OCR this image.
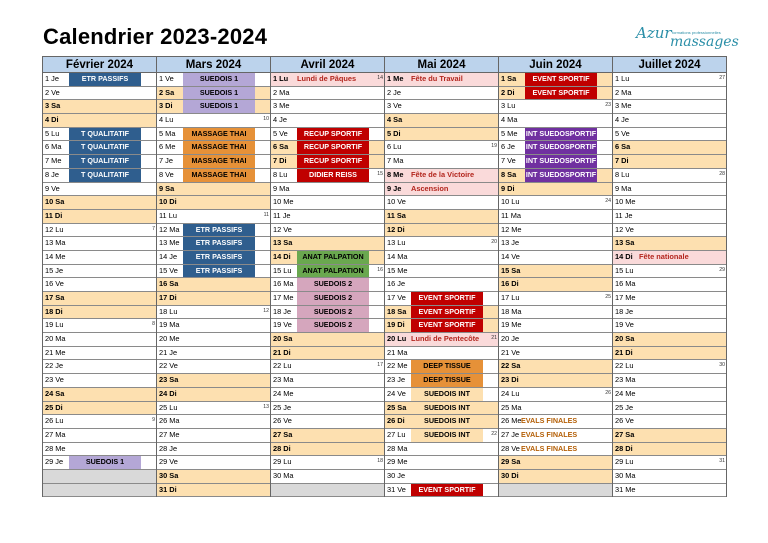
Calendrier 2023-2024	Azur formations professionnelles
massages
Février 2024
1 Je	ETR PASSIFS
2 Ve
3 Sa
4 Di
5 Lu	T QUALITATIF
6 Ma	T QUALITATIF
7 Me	T QUALITATIF
8 Je	T QUALITATIF
9 Ve
10 Sa
11 Di
12 Lu	7
13 Ma
14 Me
15 Je
16 Ve
17 Sa
18 Di
19 Lu	8
20 Ma
21 Me
22 Je
23 Ve
24 Sa
25 Di
26 Lu	9
27 Ma
28 Me
29 Je	SUEDOIS 1
Mars 2024
1 Ve	SUEDOIS 1
2 Sa	SUEDOIS 1
3 Di	SUEDOIS 1
4 Lu	10
5 Ma	MASSAGE THAI
6 Me	MASSAGE THAI
7 Je	MASSAGE THAI
8 Ve	MASSAGE THAI
9 Sa
10 Di
11 Lu	11
12 Ma	ETR PASSIFS
13 Me	ETR PASSIFS
14 Je	ETR PASSIFS
15 Ve	ETR PASSIFS
16 Sa
17 Di
18 Lu	12
19 Ma
20 Me
21 Je
22 Ve
23 Sa
24 Di
25 Lu	13
26 Ma
27 Me
28 Je
29 Ve
30 Sa
31 Di
Avril 2024
1 Lu Lundi de Pâques	14
2 Ma
3 Me
4 Je
5 Ve	RECUP SPORTIF
6 Sa	RECUP SPORTIF
7 Di	RECUP SPORTIF
8 Lu	DIDIER REISS	15
9 Ma
10 Me
11 Je
12 Ve
13 Sa
14 Di	ANAT PALPATION
15 Lu	ANAT PALPATION	16
16 Ma	SUEDOIS 2
17 Me	SUEDOIS 2
18 Je	SUEDOIS 2
19 Ve	SUEDOIS 2
20 Sa
21 Di
22 Lu	17
23 Ma
24 Me
25 Je
26 Ve
27 Sa
28 Di
29 Lu	18
30 Ma
Mai 2024
1 Me Fête du Travail
2 Je
3 Ve
4 Sa
5 Di
6 Lu	19
7 Ma
8 Me Fête de la Victoire
9 Je Ascension
10 Ve
11 Sa
12 Di
13 Lu	20
14 Ma
15 Me
16 Je
17 Ve	EVENT SPORTIF
18 Sa	EVENT SPORTIF
19 Di	EVENT SPORTIF
20 Lu Lundi de Pentecôte 21
21 Ma
22 Me	DEEP TISSUE
23 Je	DEEP TISSUE
24 Ve	SUEDOIS INT
25 Sa	SUEDOIS INT
26 Di	SUEDOIS INT
27 Lu	SUEDOIS INT	22
28 Ma
29 Me
30 Je
31 Ve	EVENT SPORTIF
Juin 2024
1 Sa	EVENT SPORTIF
2 Di	EVENT SPORTIF
3 Lu	23
4 Ma
5 Me INT SUEDOSPORTIF
6 Je INT SUEDOSPORTIF
7 Ve INT SUEDOSPORTIF
8 Sa INT SUEDOSPORTIF
9 Di
10 Lu	24
11 Ma
12 Me
13 Je
14 Ve
15 Sa
16 Di
17 Lu	25
18 Ma
19 Me
20 Je
21 Ve
22 Sa
23 Di
24 Lu	26
25 Ma
26 Me EVALS FINALES
27 Je EVALS FINALES
28 Ve EVALS FINALES
29 Sa
30 Di
Juillet 2024
1 Lu	27
2 Ma
3 Me
4 Je
5 Ve
6 Sa
7 Di
8 Lu	28
9 Ma
10 Me
11 Je
12 Ve
13 Sa
14 Di Fête nationale
15 Lu	29
16 Ma
17 Me
18 Je
19 Ve
20 Sa
21 Di
22 Lu	30
23 Ma
24 Me
25 Je
26 Ve
27 Sa
28 Di
29 Lu	31
30 Ma
31 Me
